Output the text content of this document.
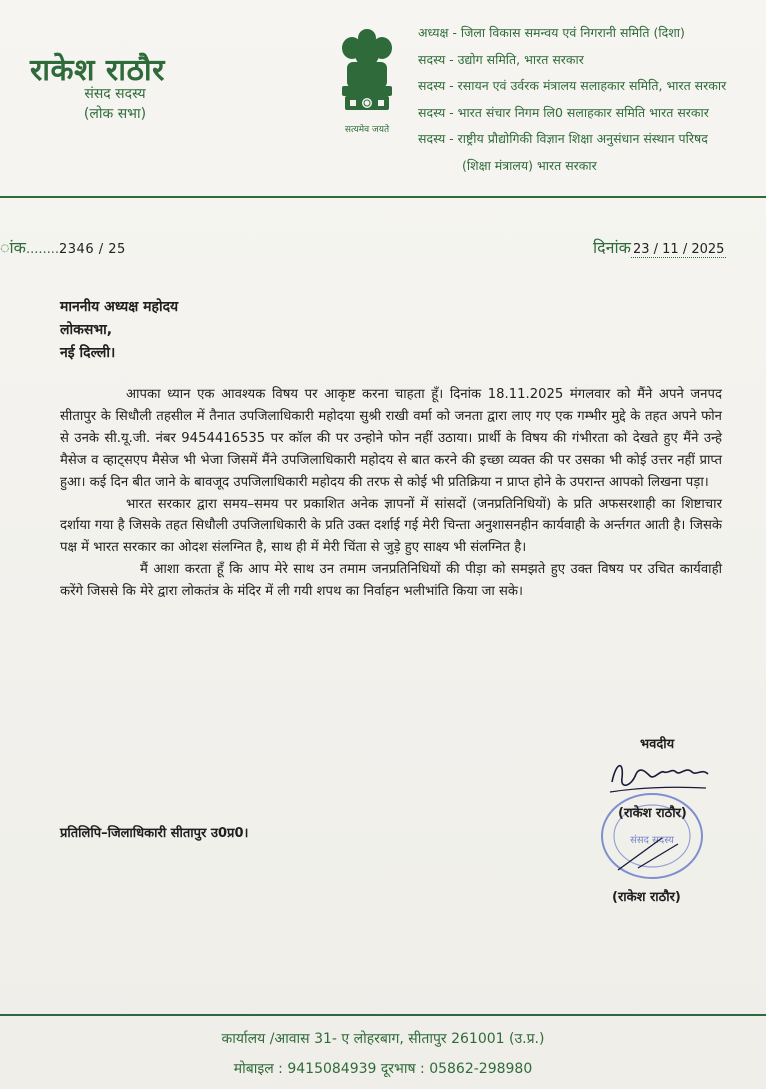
राकेश राठौर
संसद सदस्य
(लोक सभा)
सत्यमेव जयते
अध्यक्ष - जिला विकास समन्वय एवं निगरानी समिति (दिशा)
सदस्य - उद्योग समिति, भारत सरकार
सदस्य - रसायन एवं उर्वरक मंत्रालय सलाहकार समिति, भारत सरकार
सदस्य - भारत संचार निगम लि0 सलाहकार समिति भारत सरकार
सदस्य - राष्ट्रीय प्रौद्योगिकी विज्ञान शिक्षा अनुसंधान संस्थान परिषद
(शिक्षा मंत्रालय) भारत सरकार
ांक........2346 / 25	दिनांक 23 / 11 / 2025
माननीय अध्यक्ष महोदय
लोकसभा,
नई दिल्ली।

आपका ध्यान एक आवश्यक विषय पर आकृष्ट करना चाहता हूँ। दिनांक 18.11.2025 मंगलवार को मैंने अपने जनपद सीतापुर के सिधौली तहसील में तैनात उपजिलाधिकारी महोदया सुश्री राखी वर्मा को जनता द्वारा लाए गए एक गम्भीर मुद्दे के तहत अपने फोन से उनके सी.यू.जी. नंबर 9454416535 पर कॉल की पर उन्होने फोन नहीं उठाया। प्रार्थी के विषय की गंभीरता को देखते हुए मैंने उन्हे मैसेज व व्हाट्सएप मैसेज भी भेजा जिसमें मैंने उपजिलाधिकारी महोदय से बात करने की इच्छा व्यक्त की पर उसका भी कोई उत्तर नहीं प्राप्त हुआ। कई दिन बीत जाने के बावजूद उपजिलाधिकारी महोदय की तरफ से कोई भी प्रतिक्रिया न प्राप्त होने के उपरान्त आपको लिखना पड़ा।

भारत सरकार द्वारा समय–समय पर प्रकाशित अनेक ज्ञापनों में सांसदों (जनप्रतिनिधियों) के प्रति अफसरशाही का शिष्टाचार दर्शाया गया है जिसके तहत सिधौली उपजिलाधिकारी के प्रति उक्त दर्शाई गई मेरी चिन्ता अनुशासनहीन कार्यवाही के अर्न्तगत आती है। जिसके पक्ष में भारत सरकार का ओदश संलग्नित है, साथ ही में मेरी चिंता से जुड़े हुए साक्ष्य भी संलग्नित है।

मैं आशा करता हूँ कि आप मेरे साथ उन तमाम जनप्रतिनिधियों की पीड़ा को समझते हुए उक्त विषय पर उचित कार्यवाही करेंगे जिससे कि मेरे द्वारा लोकतंत्र के मंदिर में ली गयी शपथ का निर्वाहन भलीभांति किया जा सके।

भवदीय
संसद सदस्य
(राकेश राठौर)
(राकेश राठौर)
प्रतिलिपि–जिलाधिकारी सीतापुर उ0प्र0।
कार्यालय /आवास 31- ए लोहरबाग, सीतापुर 261001 (उ.प्र.)
मोबाइल : 9415084939 दूरभाष : 05862-298980
